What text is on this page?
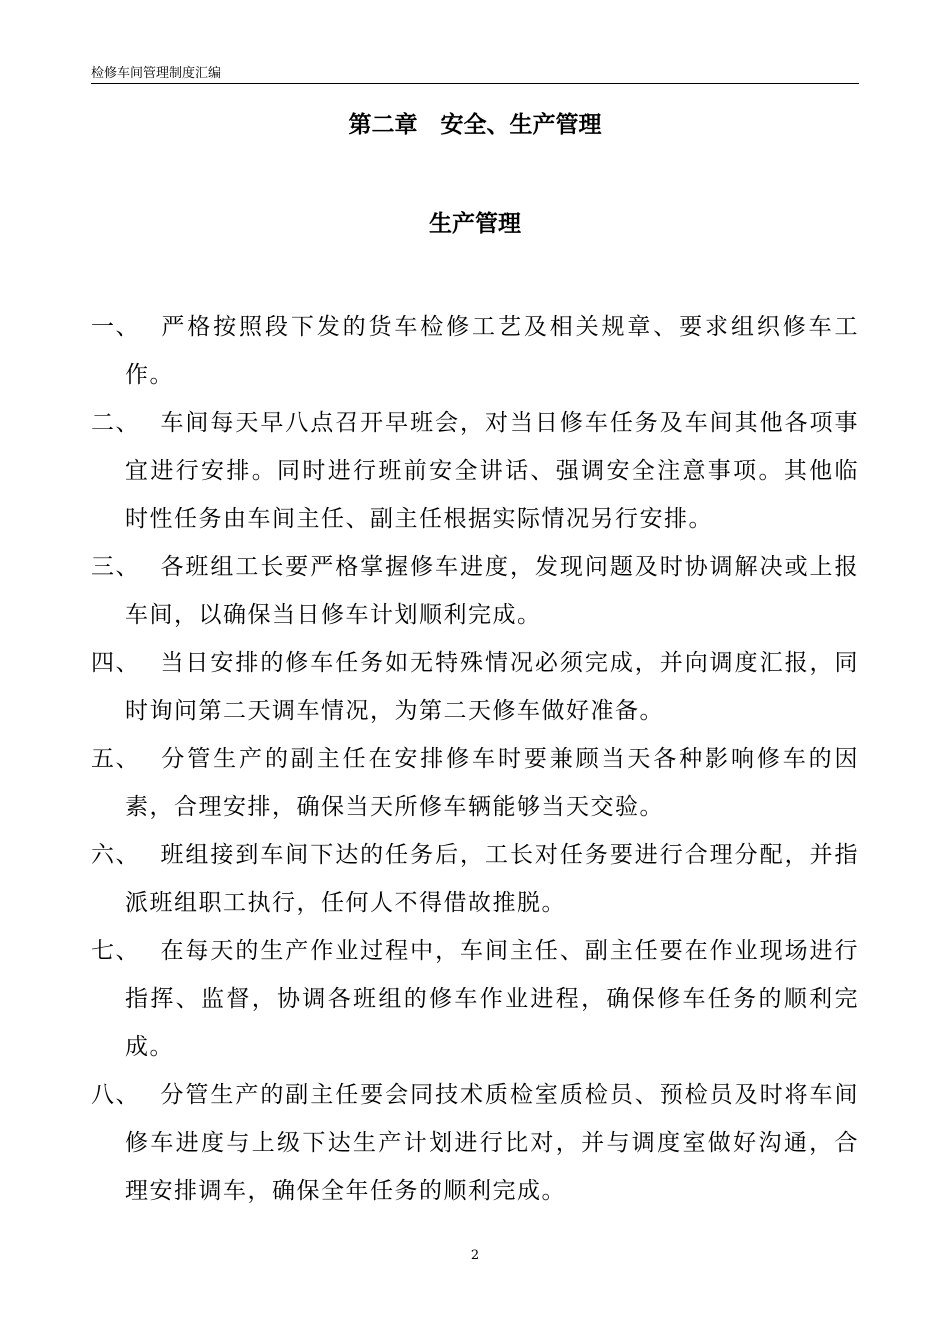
检修车间管理制度汇编
第二章　安全、生产管理
生产管理
一、 严格按照段下发的货车检修工艺及相关规章、要求组织修车工作。
二、 车间每天早八点召开早班会，对当日修车任务及车间其他各项事宜进行安排。同时进行班前安全讲话、强调安全注意事项。其他临时性任务由车间主任、副主任根据实际情况另行安排。
三、 各班组工长要严格掌握修车进度，发现问题及时协调解决或上报车间，以确保当日修车计划顺利完成。
四、 当日安排的修车任务如无特殊情况必须完成，并向调度汇报，同时询问第二天调车情况，为第二天修车做好准备。
五、 分管生产的副主任在安排修车时要兼顾当天各种影响修车的因素，合理安排，确保当天所修车辆能够当天交验。
六、 班组接到车间下达的任务后，工长对任务要进行合理分配，并指派班组职工执行，任何人不得借故推脱。
七、 在每天的生产作业过程中，车间主任、副主任要在作业现场进行指挥、监督，协调各班组的修车作业进程，确保修车任务的顺利完成。
八、 分管生产的副主任要会同技术质检室质检员、预检员及时将车间修车进度与上级下达生产计划进行比对，并与调度室做好沟通，合理安排调车，确保全年任务的顺利完成。
2
